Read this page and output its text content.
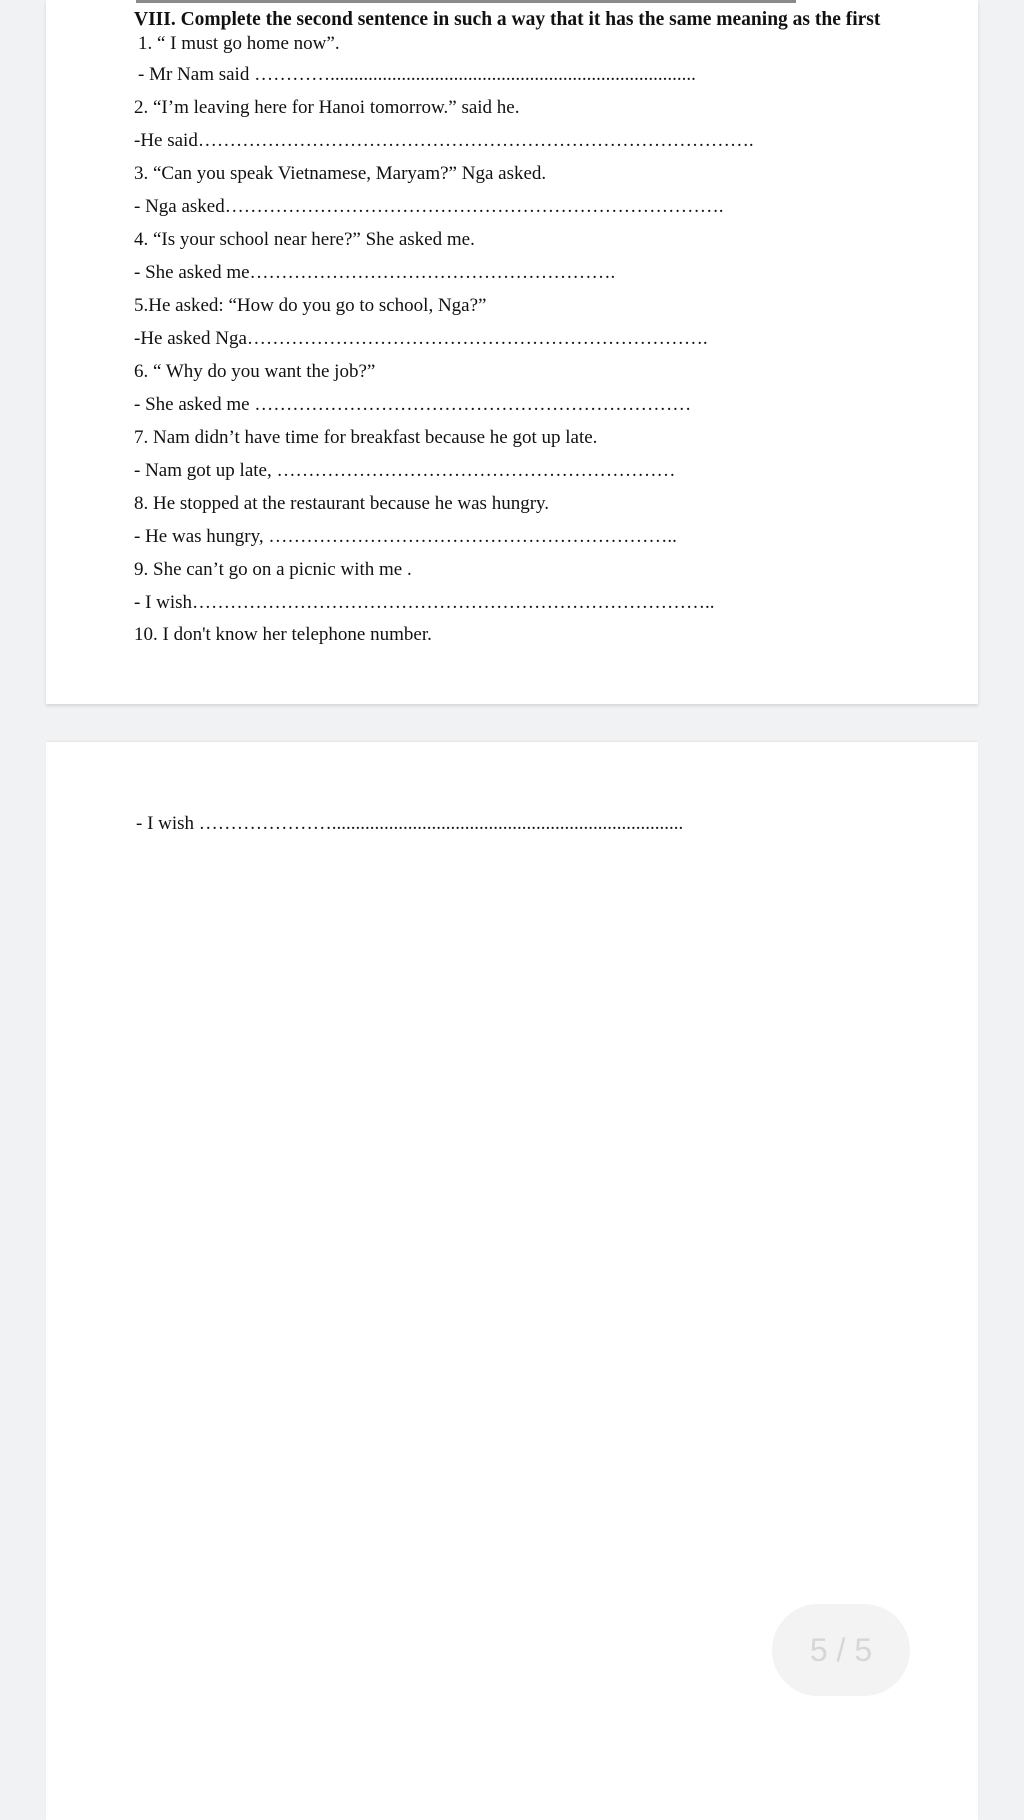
VIII. Complete the second sentence in such a way that it has the same meaning as the first
1. “ I must go home now”.
- Mr Nam said ………….............................................................................
2. “I’m leaving here for Hanoi tomorrow.” said he.
-He said…………………………………………………………………………….
3. “Can you speak Vietnamese, Maryam?” Nga asked.
- Nga asked…………………………………………………………………….
4. “Is your school near here?” She asked me.
- She asked me………………………………………………….
5.He asked: “How do you go to school, Nga?”
-He asked Nga……………………………………………………………….
6. “ Why do you want the job?”
- She asked me ……………………………………………………………
7. Nam didn’t have time for breakfast because he got up late.
- Nam got up late, ………………………………………………………
8. He stopped at the restaurant because he was hungry.
- He was hungry, ………………………………………………………..
9. She can’t go on a picnic with me .
- I wish………………………………………………………………………..
10. I don't know her telephone number.
- I wish …………………..........................................................................
5 / 5
